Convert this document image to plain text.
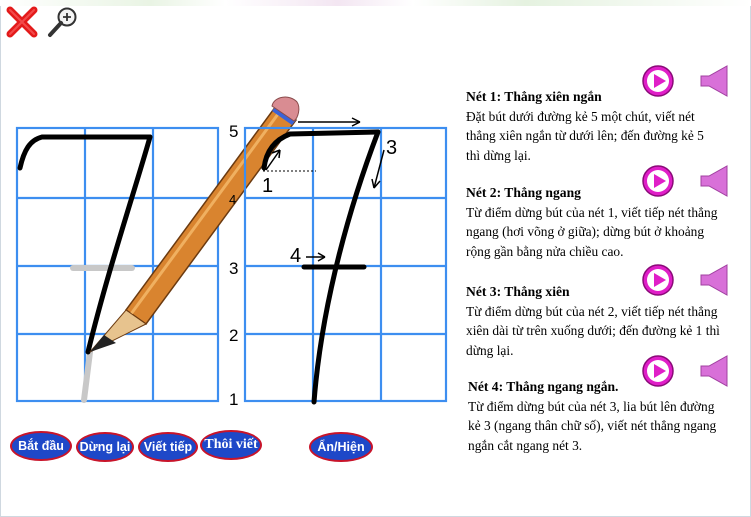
5
4
3
2
1
1
3
4
Bắt đầu Dừng lại Viết tiếp Thôi viết	Ẩn/Hiện
Nét 1: Thẳng xiên ngắn
Đặt bút dưới đường kẻ 5 một chút, viết nét thẳng xiên ngắn từ dưới lên; đến đường kẻ 5 thì dừng lại.
Nét 2: Thẳng ngang
Từ điểm dừng bút của nét 1, viết tiếp nét thẳng ngang (hơi võng ở giữa); dừng bút ở khoảng rộng gần bằng nửa chiều cao.
Nét 3: Thẳng xiên
Từ điểm dừng bút của nét 2, viết tiếp nét thẳng xiên dài từ trên xuống dưới; đến đường kẻ 1 thì dừng lại.
Nét 4: Thẳng ngang ngắn.
Từ điểm dừng bút của nét 3, lia bút lên đường kẻ 3 (ngang thân chữ số), viết nét thẳng ngang ngắn cắt ngang nét 3.
